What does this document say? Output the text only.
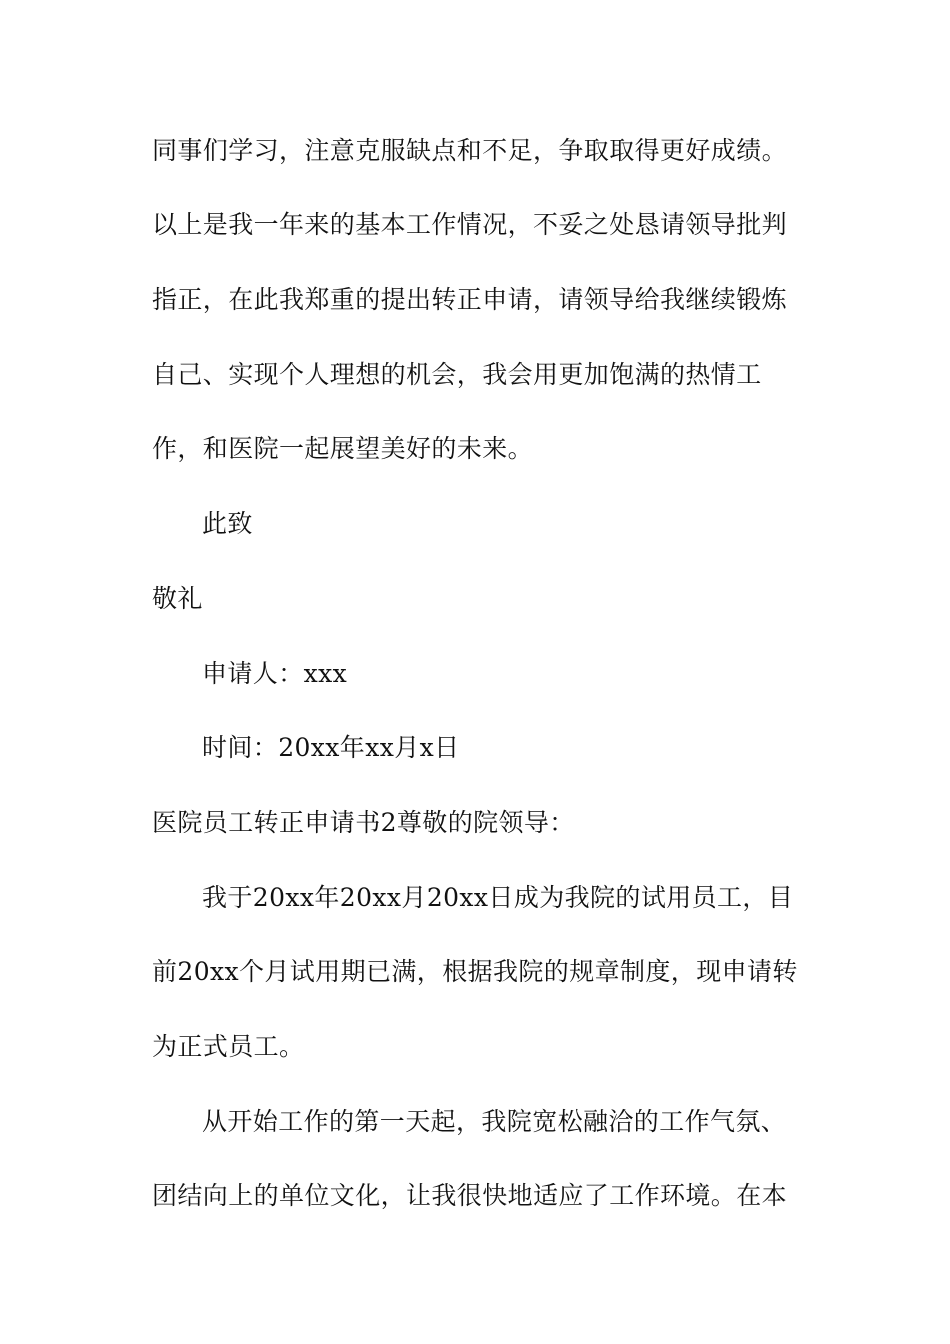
同事们学习，注意克服缺点和不足，争取取得更好成绩。
以上是我一年来的基本工作情况，不妥之处恳请领导批判
指正，在此我郑重的提出转正申请，请领导给我继续锻炼
自己、实现个人理想的机会，我会用更加饱满的热情工
作，和医院一起展望美好的未来。
此致
敬礼
申请人：xxx
时间：20xx年xx月x日
医院员工转正申请书2尊敬的院领导：
我于20xx年20xx月20xx日成为我院的试用员工，目
前20xx个月试用期已满，根据我院的规章制度，现申请转
为正式员工。
从开始工作的第一天起，我院宽松融洽的工作气氛、
团结向上的单位文化，让我很快地适应了工作环境。在本
